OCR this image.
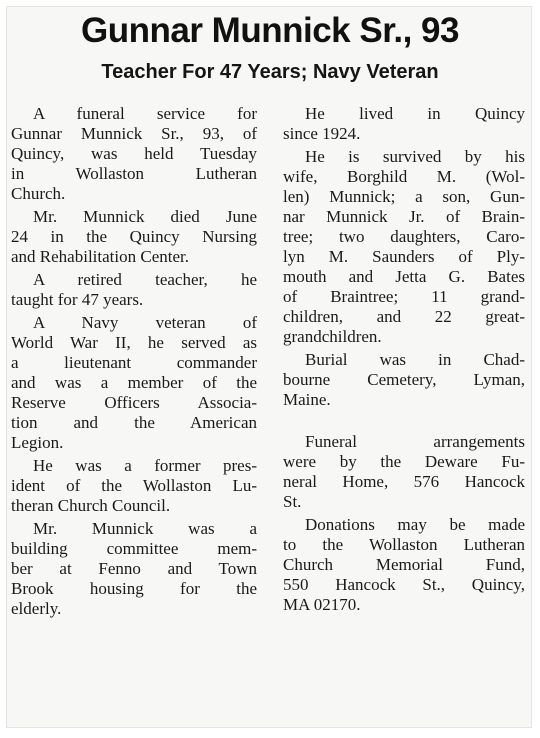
Gunnar Munnick Sr., 93
Teacher For 47 Years; Navy Veteran
A funeral service for
Gunnar Munnick Sr., 93, of
Quincy, was held Tuesday
in Wollaston Lutheran
Church.
Mr. Munnick died June
24 in the Quincy Nursing
and Rehabilitation Center.
A retired teacher, he
taught for 47 years.
A Navy veteran of
World War II, he served as
a lieutenant commander
and was a member of the
Reserve Officers Associa-
tion and the American
Legion.
He was a former pres-
ident of the Wollaston Lu-
theran Church Council.
Mr. Munnick was a
building committee mem-
ber at Fenno and Town
Brook housing for the
elderly.
He lived in Quincy
since 1924.
He is survived by his
wife, Borghild M. (Wol-
len) Munnick; a son, Gun-
nar Munnick Jr. of Brain-
tree; two daughters, Caro-
lyn M. Saunders of Ply-
mouth and Jetta G. Bates
of Braintree; 11 grand-
children, and 22 great-
grandchildren.
Burial was in Chad-
bourne Cemetery, Lyman,
Maine.
Funeral arrangements
were by the Deware Fu-
neral Home, 576 Hancock
St.
Donations may be made
to the Wollaston Lutheran
Church Memorial Fund,
550 Hancock St., Quincy,
MA 02170.
